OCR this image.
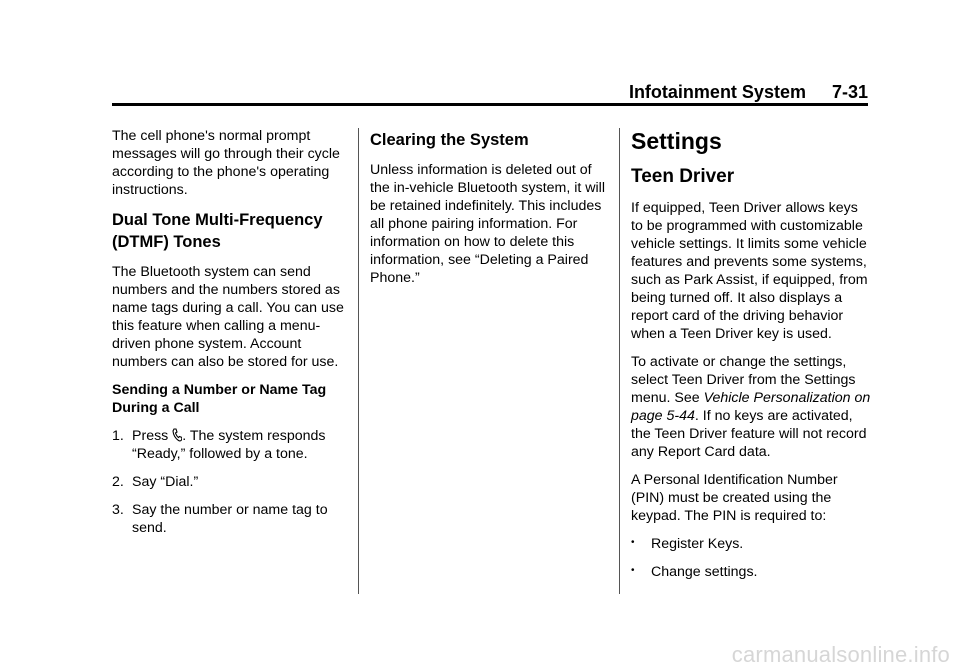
Infotainment System 7-31

The cell phone's normal prompt messages will go through their cycle according to the phone's operating instructions.

Dual Tone Multi-Frequency (DTMF) Tones

The Bluetooth system can send numbers and the numbers stored as name tags during a call. You can use this feature when calling a menu-driven phone system. Account numbers can also be stored for use.

Sending a Number or Name Tag During a Call
1. Press . The system responds “Ready,” followed by a tone.
2. Say “Dial.”
3. Say the number or name tag to send.
Clearing the System

Unless information is deleted out of the in-vehicle Bluetooth system, it will be retained indefinitely. This includes all phone pairing information. For information on how to delete this information, see “Deleting a Paired Phone.”

Settings
Teen Driver

If equipped, Teen Driver allows keys to be programmed with customizable vehicle settings. It limits some vehicle features and prevents some systems, such as Park Assist, if equipped, from being turned off. It also displays a report card of the driving behavior when a Teen Driver key is used.

To activate or change the settings, select Teen Driver from the Settings menu. See Vehicle Personalization on page 5-44. If no keys are activated, the Teen Driver feature will not record any Report Card data.

A Personal Identification Number (PIN) must be created using the keypad. The PIN is required to:

•	Register Keys.
•	Change settings.
carmanualsonline.info
